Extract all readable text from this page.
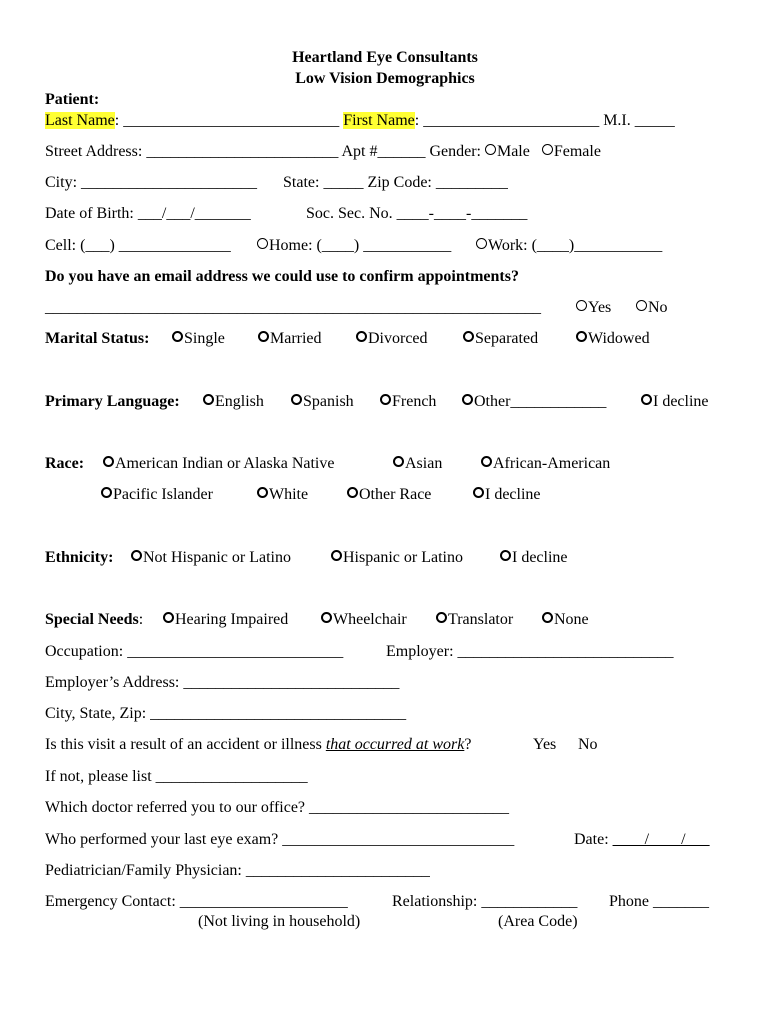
Heartland Eye Consultants
Low Vision Demographics
Patient:
Last Name: ___________________________ First Name: ______________________ M.I. _____
Street Address: ________________________ Apt #______ Gender: Male Female
City: ______________________ State: _____ Zip Code: _________
Date of Birth: ___/___/_______	Soc. Sec. No. ____-____-_______
Cell: (___) ______________	Home: (____) ___________	Work: (____)___________
Do you have an email address we could use to confirm appointments?
______________________________________________________________	Yes	No
Marital Status:	Single	Married	Divorced	Separated	Widowed
Primary Language:	English	Spanish	French	Other____________	I decline
Race:	American Indian or Alaska Native	Asian	African-American
Pacific Islander	White	Other Race	I decline
Ethnicity:	Not Hispanic or Latino	Hispanic or Latino	I decline
Special Needs:	Hearing Impaired	Wheelchair	Translator	None
Occupation: ___________________________	Employer: ___________________________
Employer’s Address: ___________________________
City, State, Zip: ________________________________
Is this visit a result of an accident or illness that occurred at work?	Yes No
If not, please list ___________________
Which doctor referred you to our office? _________________________
Who performed your last eye exam? _____________________________	Date: ____/____/___
Pediatrician/Family Physician: _______________________
Emergency Contact: _____________________	Relationship: ____________ Phone _______
(Not living in household)	(Area Code)
